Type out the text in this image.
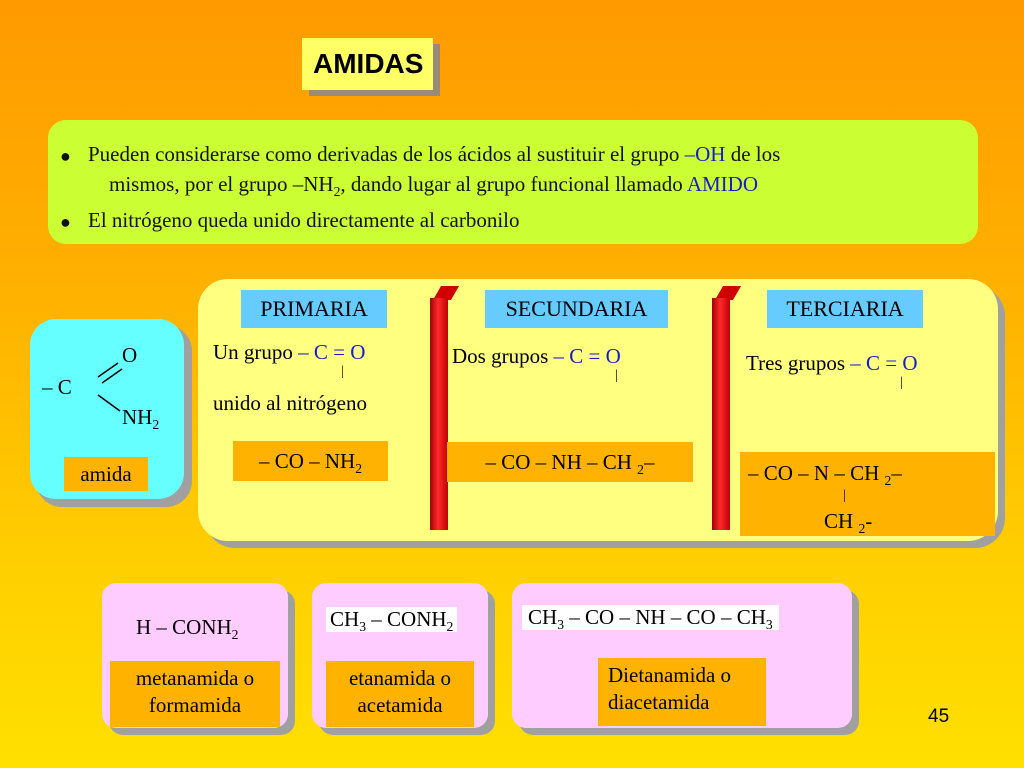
AMIDAS
● Pueden considerarse como derivadas de los ácidos al sustituir el grupo –OH de los
mismos, por el grupo $-NH_2$, dando lugar al grupo funcional llamado AMIDO
● El nitrógeno queda unido directamente al carbonilo
O
– C
$NH_2$
amida
PRIMARIA	SECUNDARIA	TERCIARIA
Un grupo – C = O
|
unido al nitrógeno
– CO – $NH_2$
Dos grupos – C = O
|
– CO – NH – CH $_2$–
Tres grupos – C = O
|
– CO – N – CH $_2$–
|
CH $_2$-
H – $CONH_2$
metanamida o
formamida
$CH_3$ – $CONH_2$
etanamida o
acetamida
$CH_3$ – CO – NH – CO – $CH_3$
Dietanamida o
diacetamida
45
